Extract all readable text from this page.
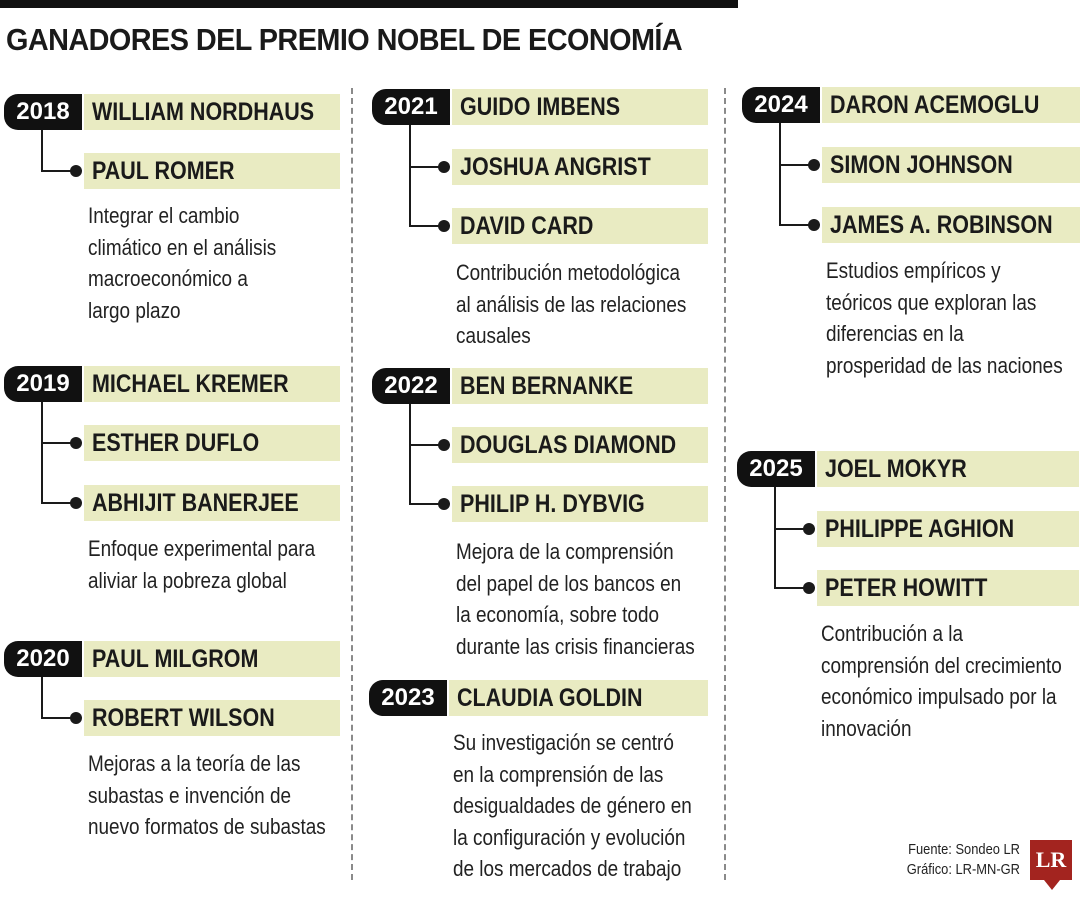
GANADORES DEL PREMIO NOBEL DE ECONOMÍA
2018 WILLIAM NORDHAUS
PAUL ROMER
Integrar el cambio
climático en el análisis
macroeconómico a
largo plazo
2019 MICHAEL KREMER
ESTHER DUFLO
ABHIJIT BANERJEE
Enfoque experimental para
aliviar la pobreza global
2020 PAUL MILGROM
ROBERT WILSON
Mejoras a la teoría de las
subastas e invención de
nuevo formatos de subastas
2021 GUIDO IMBENS
JOSHUA ANGRIST
DAVID CARD
Contribución metodológica
al análisis de las relaciones
causales
2022 BEN BERNANKE
DOUGLAS DIAMOND
PHILIP H. DYBVIG
Mejora de la comprensión
del papel de los bancos en
la economía, sobre todo
durante las crisis financieras
2023 CLAUDIA GOLDIN
Su investigación se centró
en la comprensión de las
desigualdades de género en
la configuración y evolución
de los mercados de trabajo
2024 DARON ACEMOGLU
SIMON JOHNSON
JAMES A. ROBINSON
Estudios empíricos y
teóricos que exploran las
diferencias en la
prosperidad de las naciones
2025 JOEL MOKYR
PHILIPPE AGHION
PETER HOWITT
Contribución a la
comprensión del crecimiento
económico impulsado por la
innovación
Fuente: Sondeo LR
Gráfico: LR-MN-GR LR
